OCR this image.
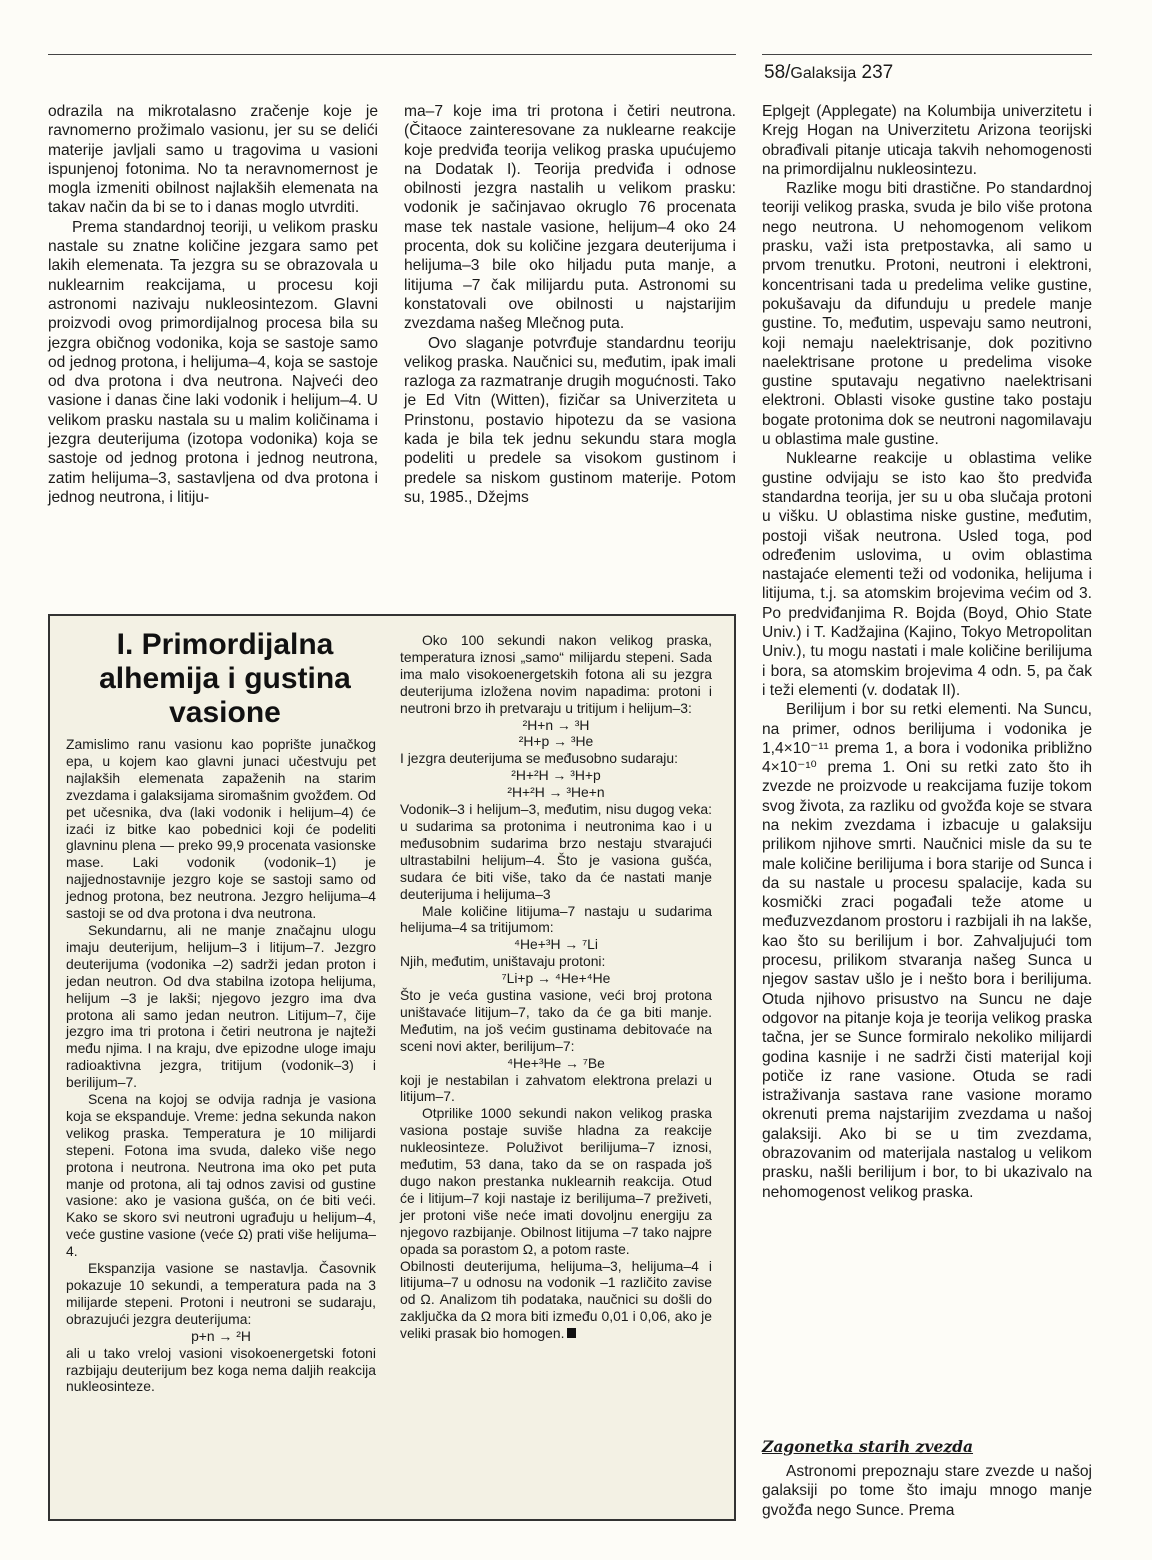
58/Galaksija 237

odrazila na mikrotalasno zračenje koje je ravnomerno prožimalo vasionu, jer su se delići materije javljali samo u tragovima u vasioni ispunjenoj fotonima. No ta neravnomernost je mogla izmeniti obilnost najlakših elemenata na takav način da bi se to i danas moglo utvrditi.

Prema standardnoj teoriji, u velikom prasku nastale su znatne količine jezgara samo pet lakih elemenata. Ta jezgra su se obrazovala u nuklearnim reakcijama, u procesu koji astronomi nazivaju nukleosintezom. Glavni proizvodi ovog primordijalnog procesa bila su jezgra običnog vodonika, koja se sastoje samo od jednog protona, i helijuma–4, koja se sastoje od dva protona i dva neutrona. Najveći deo vasione i danas čine laki vodonik i helijum–4. U velikom prasku nastala su u malim količinama i jezgra deuterijuma (izotopa vodonika) koja se sastoje od jednog protona i jednog neutrona, zatim helijuma–3, sastavljena od dva protona i jednog neutrona, i litiju-

ma–7 koje ima tri protona i četiri neutrona. (Čitaoce zainteresovane za nuklearne reakcije koje predviđa teorija velikog praska upućujemo na Dodatak I). Teorija predviđa i odnose obilnosti jezgra nastalih u velikom prasku: vodonik je sačinjavao okruglo 76 procenata mase tek nastale vasione, helijum–4 oko 24 procenta, dok su količine jezgara deuterijuma i helijuma–3 bile oko hiljadu puta manje, a litijuma –7 čak milijardu puta. Astronomi su konstatovali ove obilnosti u najstarijim zvezdama našeg Mlečnog puta.

Ovo slaganje potvrđuje standardnu teoriju velikog praska. Naučnici su, međutim, ipak imali razloga za razmatranje drugih mogućnosti. Tako je Ed Vitn (Witten), fizičar sa Univerziteta u Prinstonu, postavio hipotezu da se vasiona kada je bila tek jednu sekundu stara mogla podeliti u predele sa visokom gustinom i predele sa niskom gustinom materije. Potom su, 1985., Džejms

Eplgejt (Applegate) na Kolumbija univerzitetu i Krejg Hogan na Univerzitetu Arizona teorijski obrađivali pitanje uticaja takvih nehomogenosti na primordijalnu nukleosintezu.

Razlike mogu biti drastične. Po standardnoj teoriji velikog praska, svuda je bilo više protona nego neutrona. U nehomogenom velikom prasku, važi ista pretpostavka, ali samo u prvom trenutku. Protoni, neutroni i elektroni, koncentrisani tada u predelima velike gustine, pokušavaju da difunduju u predele manje gustine. To, međutim, uspevaju samo neutroni, koji nemaju naelektrisanje, dok pozitivno naelektrisane protone u predelima visoke gustine sputavaju negativno naelektrisani elektroni. Oblasti visoke gustine tako postaju bogate protonima dok se neutroni nagomilavaju u oblastima male gustine.

Nuklearne reakcije u oblastima velike gustine odvijaju se isto kao što predviđa standardna teorija, jer su u oba slučaja protoni u višku. U oblastima niske gustine, međutim, postoji višak neutrona. Usled toga, pod određenim uslovima, u ovim oblastima nastajaće elementi teži od vodonika, helijuma i litijuma, t.j. sa atomskim brojevima većim od 3. Po predviđanjima R. Bojda (Boyd, Ohio State Univ.) i T. Kadžajina (Kajino, Tokyo Metropolitan Univ.), tu mogu nastati i male količine berilijuma i bora, sa atomskim brojevima 4 odn. 5, pa čak i teži elementi (v. dodatak II).

Berilijum i bor su retki elementi. Na Suncu, na primer, odnos berilijuma i vodonika je 1,4×10⁻¹¹ prema 1, a bora i vodonika približno 4×10⁻¹⁰ prema 1. Oni su retki zato što ih zvezde ne proizvode u reakcijama fuzije tokom svog života, za razliku od gvožđa koje se stvara na nekim zvezdama i izbacuje u galaksiju prilikom njihove smrti. Naučnici misle da su te male količine berilijuma i bora starije od Sunca i da su nastale u procesu spalacije, kada su kosmički zraci pogađali teže atome u međuzvezdanom prostoru i razbijali ih na lakše, kao što su berilijum i bor. Zahvaljujući tom procesu, prilikom stvaranja našeg Sunca u njegov sastav ušlo je i nešto bora i berilijuma. Otuda njihovo prisustvo na Suncu ne daje odgovor na pitanje koja je teorija velikog praska tačna, jer se Sunce formiralo nekoliko milijardi godina kasnije i ne sadrži čisti materijal koji potiče iz rane vasione. Otuda se radi istraživanja sastava rane vasione moramo okrenuti prema najstarijim zvezdama u našoj galaksiji. Ako bi se u tim zvezdama, obrazovanim od materijala nastalog u velikom prasku, našli berilijum i bor, to bi ukazivalo na nehomogenost velikog praska.

Zagonetka starih zvezda

Astronomi prepoznaju stare zvezde u našoj galaksiji po tome što imaju mnogo manje gvožđa nego Sunce. Prema

I. Primordijalna alhemija i gustina vasione

Zamislimo ranu vasionu kao poprište junačkog epa, u kojem kao glavni junaci učestvuju pet najlakših elemenata zapaženih na starim zvezdama i galaksijama siromašnim gvožđem. Od pet učesnika, dva (laki vodonik i helijum–4) će izaći iz bitke kao pobednici koji će podeliti glavninu plena — preko 99,9 procenata vasionske mase. Laki vodonik (vodonik–1) je najjednostavnije jezgro koje se sastoji samo od jednog protona, bez neutrona. Jezgro helijuma–4 sastoji se od dva protona i dva neutrona.

Sekundarnu, ali ne manje značajnu ulogu imaju deuterijum, helijum–3 i litijum–7. Jezgro deuterijuma (vodonika –2) sadrži jedan proton i jedan neutron. Od dva stabilna izotopa helijuma, helijum –3 je lakši; njegovo jezgro ima dva protona ali samo jedan neutron. Litijum–7, čije jezgro ima tri protona i četiri neutrona je najteži među njima. I na kraju, dve epizodne uloge imaju radioaktivna jezgra, tritijum (vodonik–3) i berilijum–7.

Scena na kojoj se odvija radnja je vasiona koja se ekspanduje. Vreme: jedna sekunda nakon velikog praska. Temperatura je 10 milijardi stepeni. Fotona ima svuda, daleko više nego protona i neutrona. Neutrona ima oko pet puta manje od protona, ali taj odnos zavisi od gustine vasione: ako je vasiona gušća, on će biti veći. Kako se skoro svi neutroni ugrađuju u helijum–4, veće gustine vasione (veće Ω) prati više helijuma–4.

Ekspanzija vasione se nastavlja. Časovnik pokazuje 10 sekundi, a temperatura pada na 3 milijarde stepeni. Protoni i neutroni se sudaraju, obrazujući jezgra deuterijuma:

p+n → ²H

ali u tako vreloj vasioni visokoenergetski fotoni razbijaju deuterijum bez koga nema daljih reakcija nukleosinteze.

Oko 100 sekundi nakon velikog praska, temperatura iznosi „samo“ milijardu stepeni. Sada ima malo visokoenergetskih fotona ali su jezgra deuterijuma izložena novim napadima: protoni i neutroni brzo ih pretvaraju u tritijum i helijum–3:

²H+n → ³H

²H+p → ³He

I jezgra deuterijuma se međusobno sudaraju:

²H+²H → ³H+p

²H+²H → ³He+n

Vodonik–3 i helijum–3, međutim, nisu dugog veka: u sudarima sa protonima i neutronima kao i u međusobnim sudarima brzo nestaju stvarajući ultrastabilni helijum–4. Što je vasiona gušća, sudara će biti više, tako da će nastati manje deuterijuma i helijuma–3

Male količine litijuma–7 nastaju u sudarima helijuma–4 sa tritijumom:

⁴He+³H → ⁷Li

Njih, međutim, uništavaju protoni:

⁷Li+p → ⁴He+⁴He

Što je veća gustina vasione, veći broj protona uništavaće litijum–7, tako da će ga biti manje. Međutim, na još većim gustinama debitovaće na sceni novi akter, berilijum–7:

⁴He+³He → ⁷Be

koji je nestabilan i zahvatom elektrona prelazi u litijum–7.

Otprilike 1000 sekundi nakon velikog praska vasiona postaje suviše hladna za reakcije nukleosinteze. Poluživot berilijuma–7 iznosi, međutim, 53 dana, tako da se on raspada još dugo nakon prestanka nuklearnih reakcija. Otud će i litijum–7 koji nastaje iz berilijuma–7 preživeti, jer protoni više neće imati dovoljnu energiju za njegovo razbijanje. Obilnost litijuma –7 tako najpre opada sa porastom Ω, a potom raste.

Obilnosti deuterijuma, helijuma–3, helijuma–4 i litijuma–7 u odnosu na vodonik –1 različito zavise od Ω. Analizom tih podataka, naučnici su došli do zaključka da Ω mora biti između 0,01 i 0,06, ako je veliki prasak bio homogen.
